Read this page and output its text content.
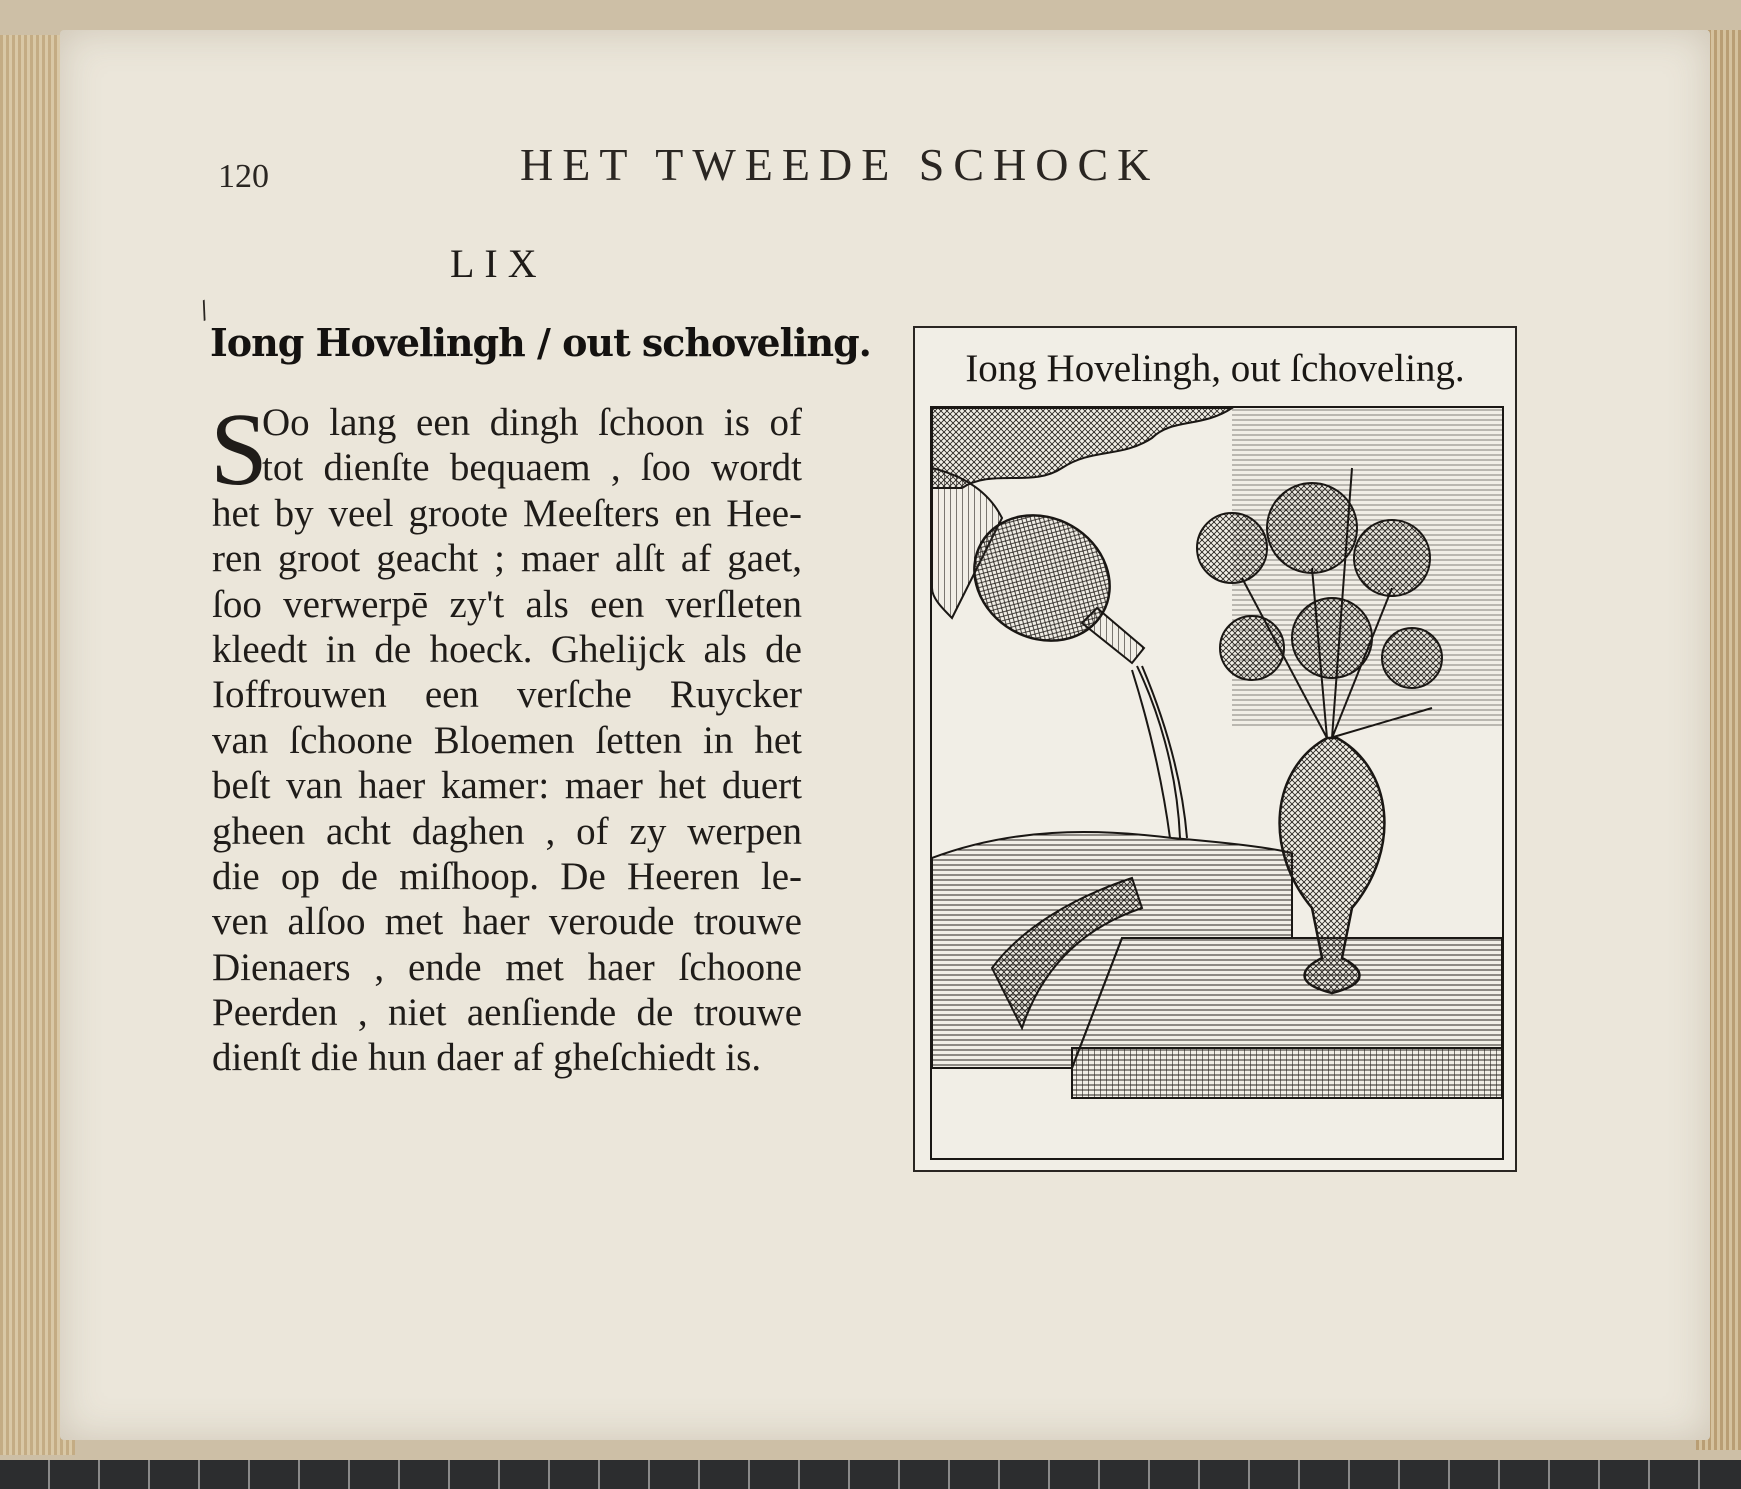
120	HET TWEEDE SCHOCK
LIX
/
Iong Hovelingh / out schoveling.
S
Oo lang een dingh ſchoon is of
tot dienſte bequaem , ſoo wordt
het by veel groote Meeſters en Hee-
ren groot geacht ; maer alſt af gaet,
ſoo verwerpē zy't als een verſleten
kleedt in de hoeck. Ghelijck als de
Ioffrouwen een verſche Ruycker
van ſchoone Bloemen ſetten in het
beſt van haer kamer: maer het duert
gheen acht daghen , of zy werpen
die op de miſhoop. De Heeren le-
ven alſoo met haer veroude trouwe
Dienaers , ende met haer ſchoone
Peerden , niet aenſiende de trouwe
dienſt die hun daer af gheſchiedt is.
Iong Hovelingh, out ſchoveling.
